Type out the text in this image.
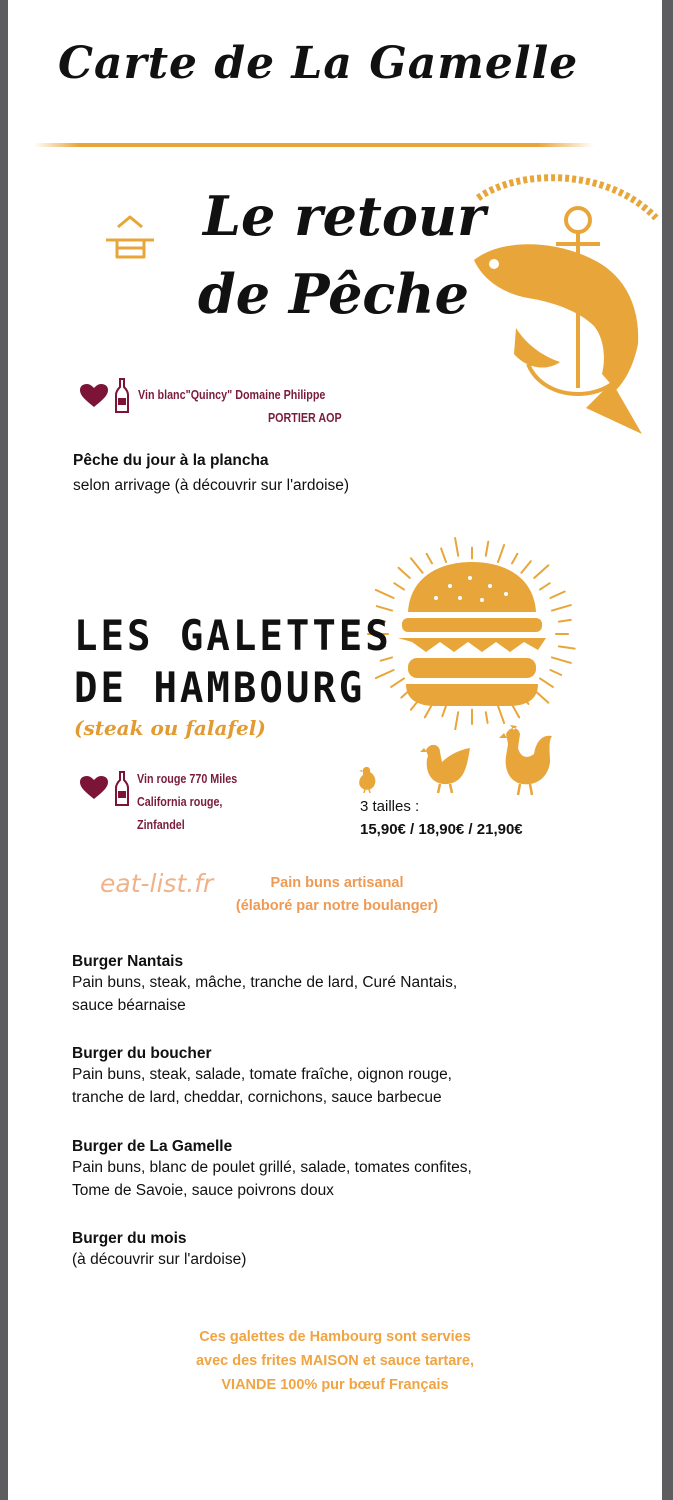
Carte de La Gamelle
Le retour
de Pêche
Vin blanc"Quincy" Domaine Philippe
PORTIER AOP
Pêche du jour à la plancha
selon arrivage (à découvrir sur l'ardoise)
LES GALETTES
DE HAMBOURG
(steak ou falafel)
Vin rouge 770 Miles
California rouge,
Zinfandel
3 tailles :
15,90€ / 18,90€ / 21,90€
eat-list.fr	Pain buns artisanal
(élaboré par notre boulanger)
Burger Nantais
Pain buns, steak, mâche, tranche de lard, Curé Nantais,
sauce béarnaise
Burger du boucher
Pain buns, steak, salade, tomate fraîche, oignon rouge,
tranche de lard, cheddar, cornichons, sauce barbecue
Burger de La Gamelle
Pain buns, blanc de poulet grillé, salade, tomates confites,
Tome de Savoie, sauce poivrons doux
Burger du mois
(à découvrir sur l'ardoise)
Ces galettes de Hambourg sont servies
avec des frites MAISON et sauce tartare,
VIANDE 100% pur bœuf Français
